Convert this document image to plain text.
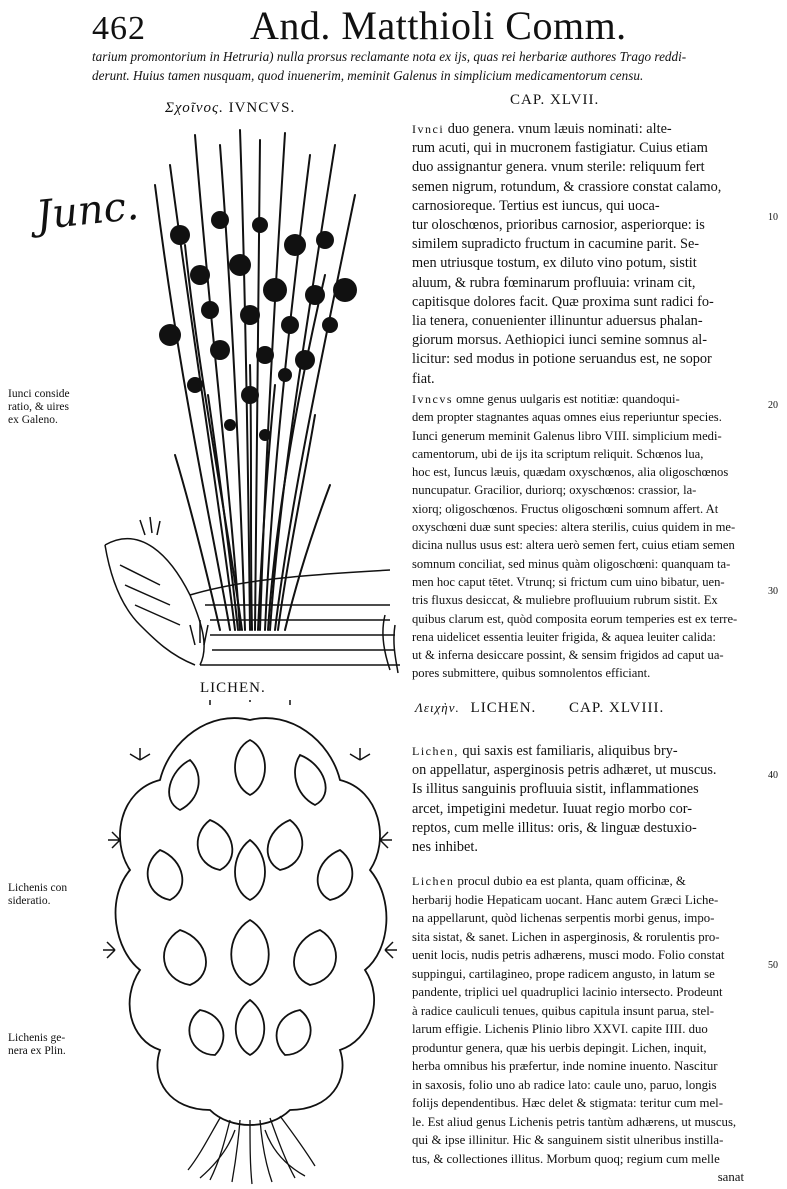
462	And. Matthioli Comm.
tarium promontorium in Hetruria) nulla prorsus reclamante nota ex ijs, quas rei herbariæ authores Trago reddi-
derunt. Huius tamen nusquam, quod inuenerim, meminit Galenus in simplicium medicamentorum censu.
Σχοῖνος. IVNCVS.
Junc.
LICHEN.
Iunci conside
ratio, & uires
ex Galeno.
Lichenis con
sideratio.
Lichenis ge-
nera ex Plin.
CAP. XLVII.
Ivnci duo genera. vnum læuis nominati: alte-
rum acuti, qui in mucronem fastigiatur. Cuius etiam
duo assignantur genera. vnum sterile: reliquum fert
semen nigrum, rotundum, & crassiore constat calamo,
carnosioreque. Tertius est iuncus, qui uoca-
tur oloschœnos, prioribus carnosior, asperiorque: is
similem supradicto fructum in cacumine parit. Se-
men utriusque tostum, ex diluto vino potum, sistit
aluum, & rubra fœminarum profluuia: vrinam cit,
capitisque dolores facit. Quæ proxima sunt radici fo-
lia tenera, conuenienter illinuntur aduersus phalan-
giorum morsus. Aethiopici iunci semine somnus al-
licitur: sed modus in potione seruandus est, ne sopor
fiat.
Ivncvs omne genus uulgaris est notitiæ: quandoqui-
dem propter stagnantes aquas omnes eius reperiuntur species.
Iunci generum meminit Galenus libro VIII. simplicium medi-
camentorum, ubi de ijs ita scriptum reliquit. Schœnos lua,
hoc est, Iuncus læuis, quædam oxyschœnos, alia oligoschœnos
nuncupatur. Gracilior, duriorq; oxyschœnos: crassior, la-
xiorq; oligoschœnos. Fructus oligoschœni somnum affert. At
oxyschœni duæ sunt species: altera sterilis, cuius quidem in me-
dicina nullus usus est: altera uerò semen fert, cuius etiam semen
somnum conciliat, sed minus quàm oligoschœni: quanquam ta-
men hoc caput tētet. Vtrunq; si frictum cum uino bibatur, uen-
tris fluxus desiccat, & muliebre profluuium rubrum sistit. Ex
quibus clarum est, quòd composita eorum temperies est ex terre-
rena uidelicet essentia leuiter frigida, & aquea leuiter calida:
ut & inferna desiccare possint, & sensim frigidos ad caput ua-
pores submittere, quibus somnolentos efficiant.
Λειχὴν. LICHEN. CAP. XLVIII.
Lichen, qui saxis est familiaris, aliquibus bry-
on appellatur, asperginosis petris adhæret, ut muscus.
Is illitus sanguinis profluuia sistit, inflammationes
arcet, impetigini medetur. Iuuat regio morbo cor-
reptos, cum melle illitus: oris, & linguæ destuxio-
nes inhibet.
Lichen procul dubio ea est planta, quam officinæ, &
herbarij hodie Hepaticam uocant. Hanc autem Græci Liche-
na appellarunt, quòd lichenas serpentis morbi genus, impo-
sita sistat, & sanet. Lichen in asperginosis, & rorulentis pro-
uenit locis, nudis petris adhærens, musci modo. Folio constat
suppingui, cartilagineo, prope radicem angusto, in latum se
pandente, triplici uel quadruplici lacinio intersecto. Prodeunt
à radice cauliculi tenues, quibus capitula insunt parua, stel-
larum effigie. Lichenis Plinio libro XXVI. capite IIII. duo
produntur genera, quæ his uerbis depingit. Lichen, inquit,
herba omnibus his præfertur, inde nomine inuento. Nascitur
in saxosis, folio uno ab radice lato: caule uno, paruo, longis
folijs dependentibus. Hæc delet & stigmata: teritur cum mel-
le. Est aliud genus Lichenis petris tantùm adhærens, ut muscus,
qui & ipse illinitur. Hic & sanguinem sistit ulneribus instilla-
tus, & collectiones illitus. Morbum quoq; regium cum melle
sanat
10
20
30
40
50
